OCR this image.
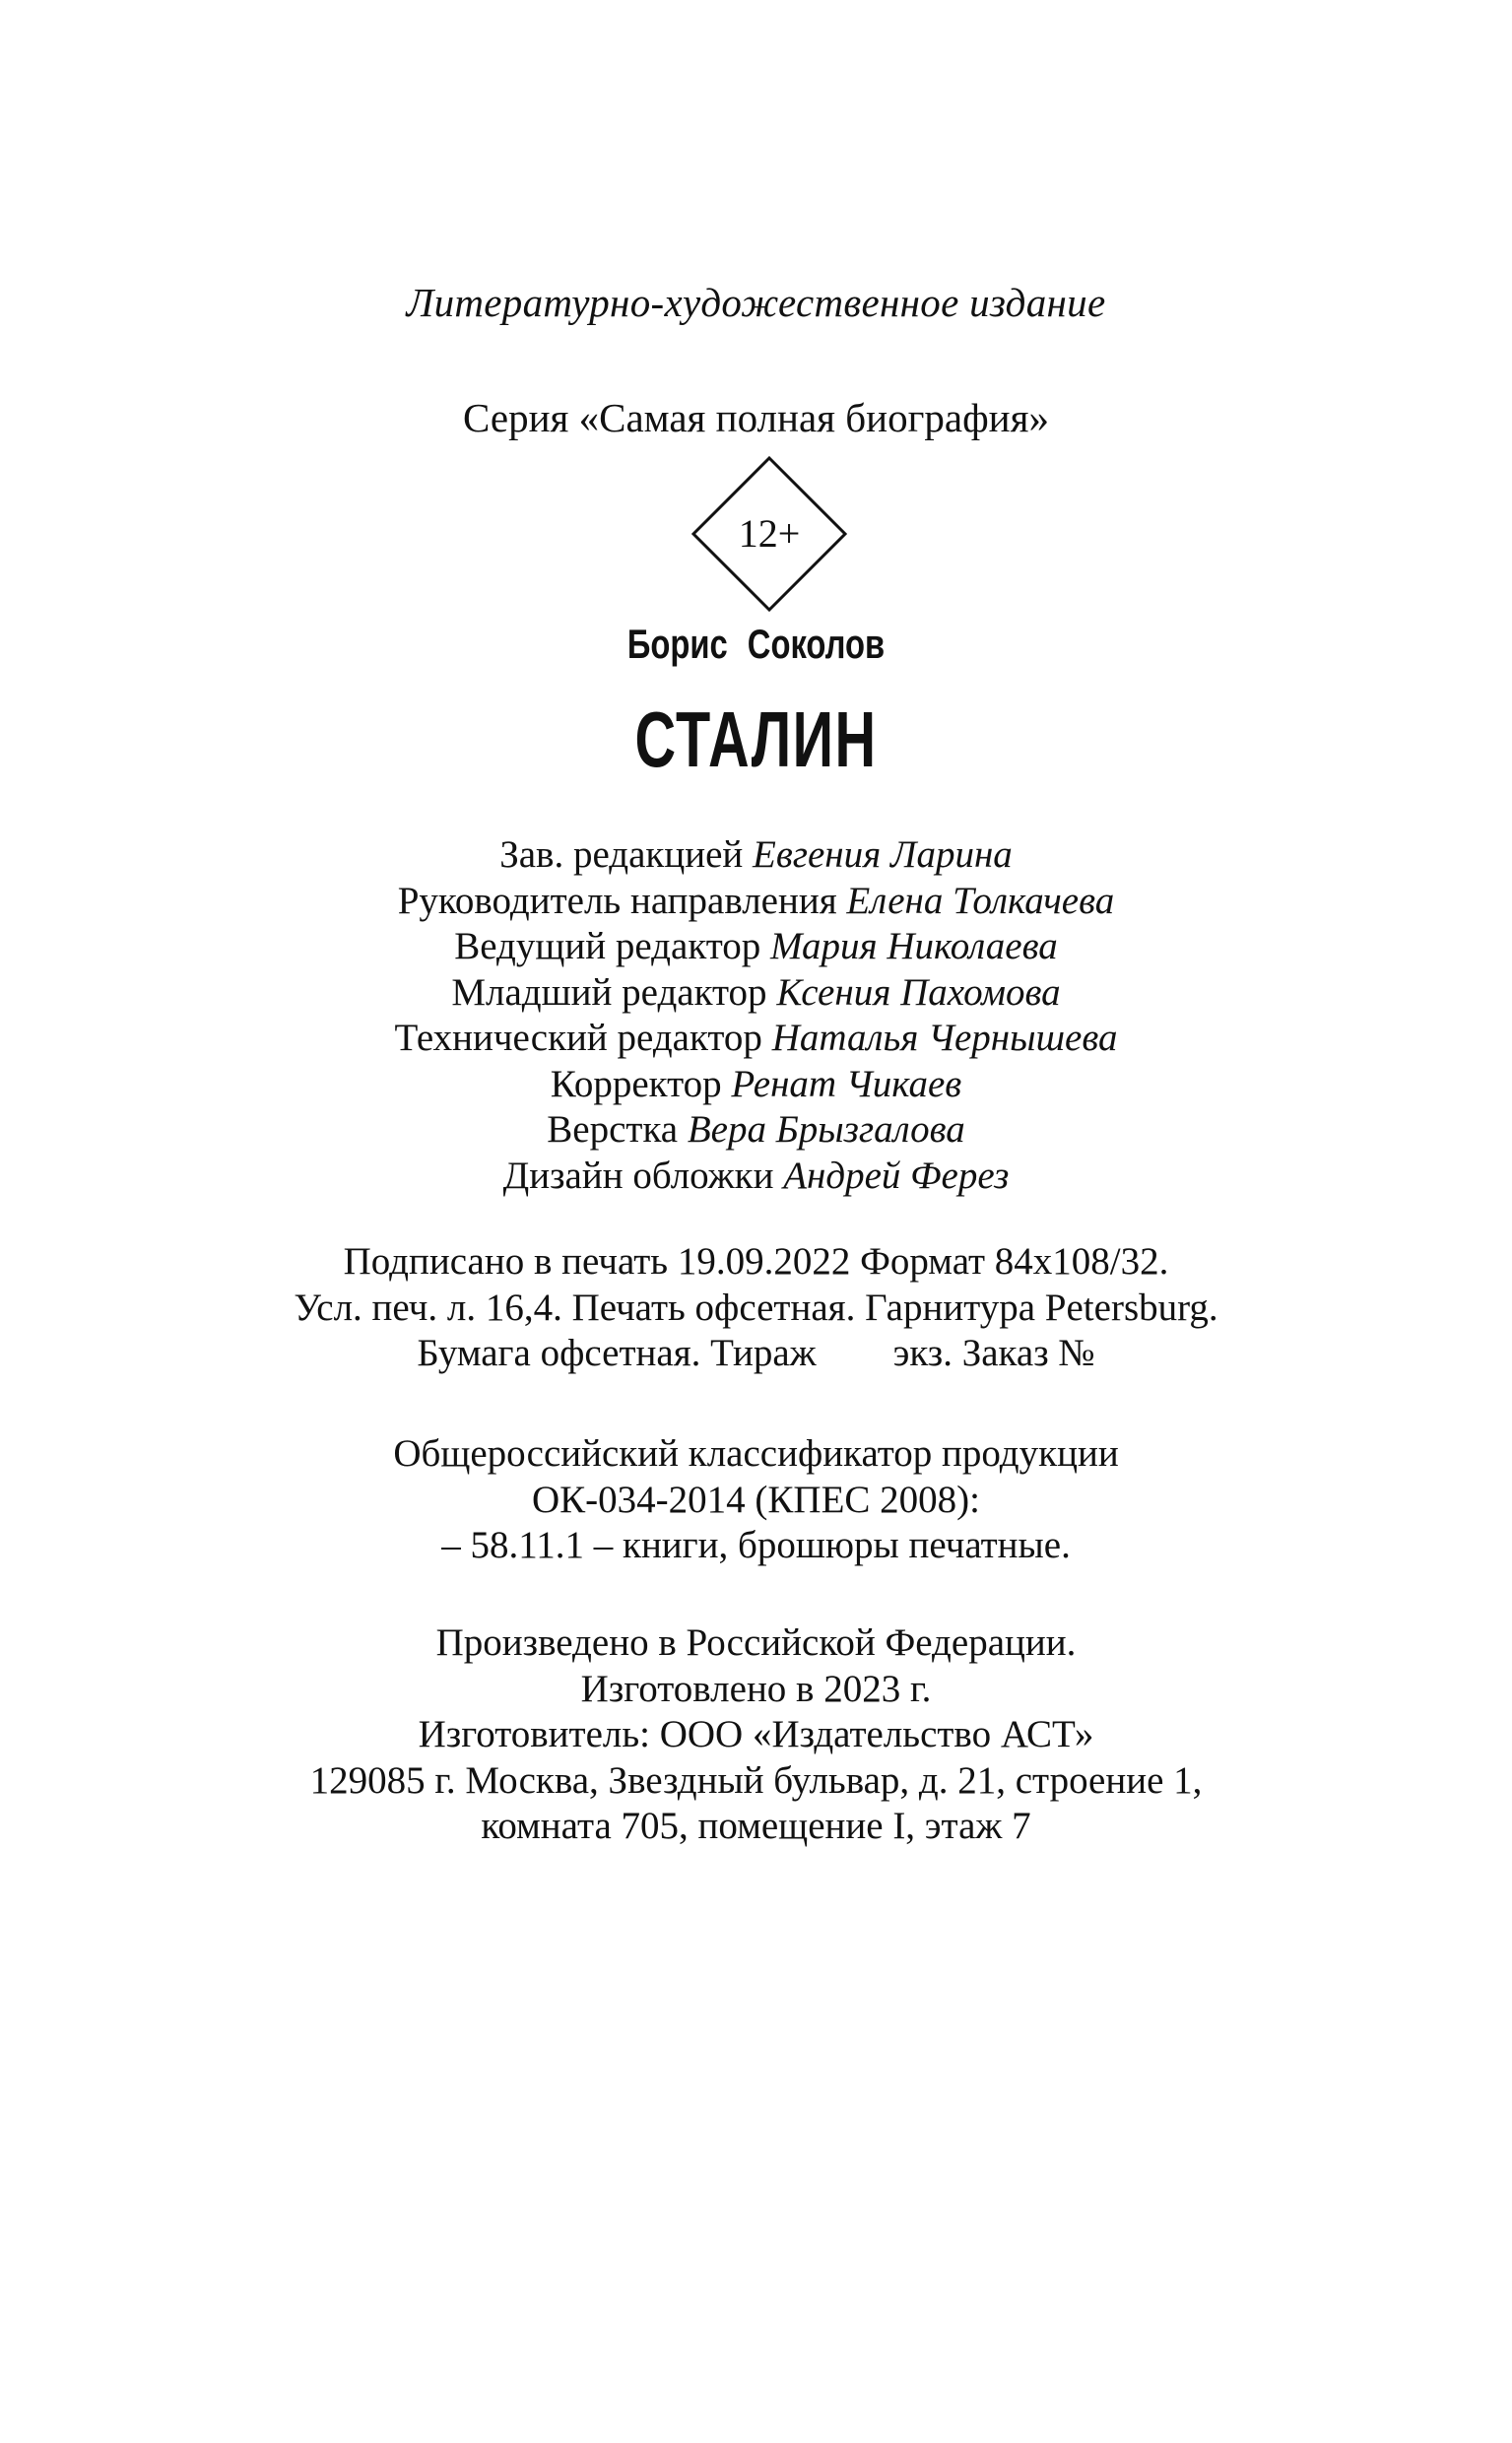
Литературно-художественное издание
Серия «Самая полная биография»
12+
Борис Соколов
СТАЛИН
Зав. редакцией Евгения Ларина
Руководитель направления Елена Толкачева
Ведущий редактор Мария Николаева
Младший редактор Ксения Пахомова
Технический редактор Наталья Чернышева
Корректор Ренат Чикаев
Верстка Вера Брызгалова
Дизайн обложки Андрей Ферез
Подписано в печать 19.09.2022 Формат 84x108/32.
Усл. печ. л. 16,4. Печать офсетная. Гарнитура Petersburg.
Бумага офсетная. Тираж        экз. Заказ №
Общероссийский классификатор продукции
ОК-034-2014 (КПЕС 2008):
– 58.11.1 – книги, брошюры печатные.
Произведено в Российской Федерации.
Изготовлено в 2023 г.
Изготовитель: ООО «Издательство АСТ»
129085 г. Москва, Звездный бульвар, д. 21, строение 1,
комната 705, помещение I, этаж 7
